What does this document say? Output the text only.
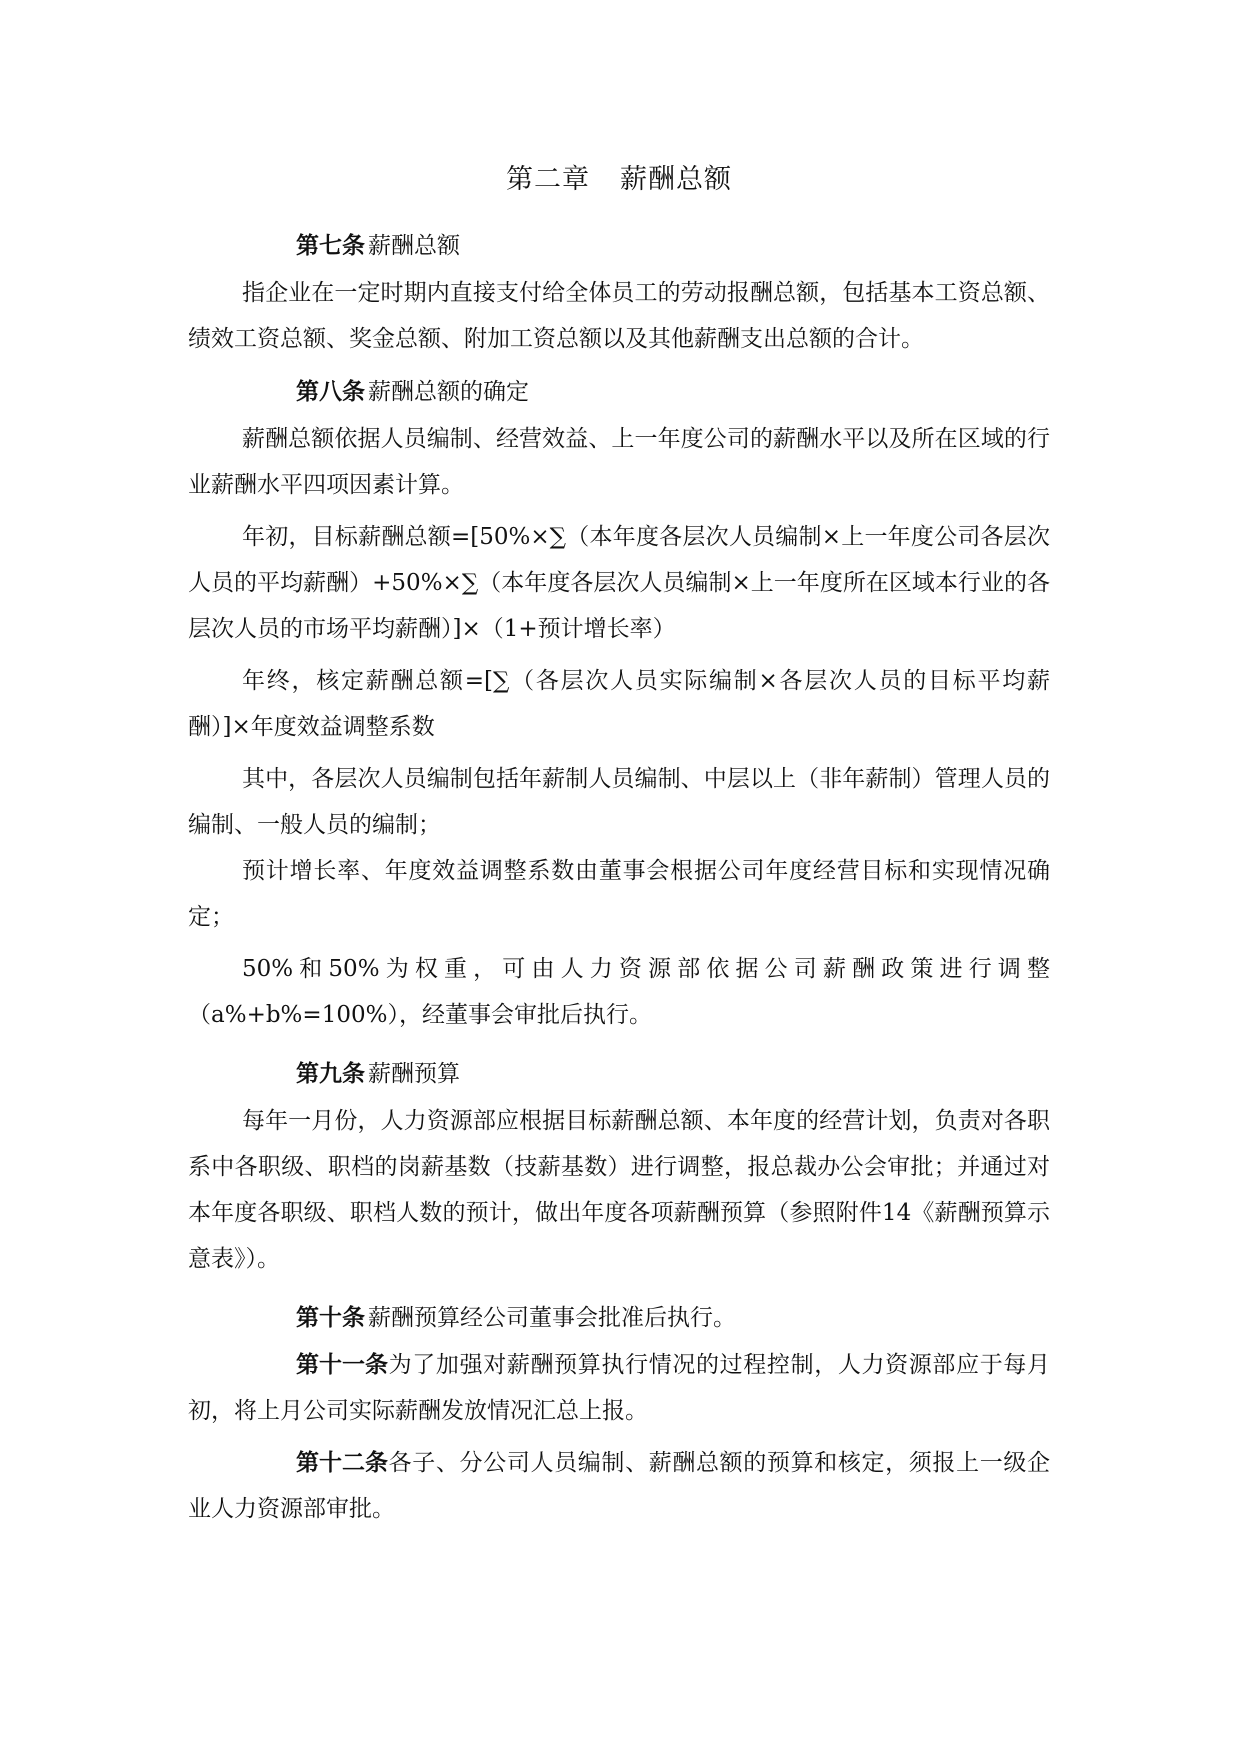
第二章 薪酬总额
第七条 薪酬总额

指企业在一定时期内直接支付给全体员工的劳动报酬总额，包括基本工资总额、绩效工资总额、奖金总额、附加工资总额以及其他薪酬支出总额的合计。

第八条 薪酬总额的确定

薪酬总额依据人员编制、经营效益、上一年度公司的薪酬水平以及所在区域的行业薪酬水平四项因素计算。

年初，目标薪酬总额=[50%×∑（本年度各层次人员编制×上一年度公司各层次人员的平均薪酬）+50%×∑（本年度各层次人员编制×上一年度所在区域本行业的各层次人员的市场平均薪酬）]×（1+预计增长率）

年终，核定薪酬总额=[∑（各层次人员实际编制×各层次人员的目标平均薪酬）]×年度效益调整系数

其中，各层次人员编制包括年薪制人员编制、中层以上（非年薪制）管理人员的编制、一般人员的编制；

预计增长率、年度效益调整系数由董事会根据公司年度经营目标和实现情况确定；

50%和50%为权重，可由人力资源部依据公司薪酬政策进行调整（a%+b%=100%），经董事会审批后执行。

第九条 薪酬预算

每年一月份，人力资源部应根据目标薪酬总额、本年度的经营计划，负责对各职系中各职级、职档的岗薪基数（技薪基数）进行调整，报总裁办公会审批；并通过对本年度各职级、职档人数的预计，做出年度各项薪酬预算（参照附件14《薪酬预算示意表》）。

第十条 薪酬预算经公司董事会批准后执行。

第十一条为了加强对薪酬预算执行情况的过程控制，人力资源部应于每月初，将上月公司实际薪酬发放情况汇总上报。

第十二条各子、分公司人员编制、薪酬总额的预算和核定，须报上一级企业人力资源部审批。
